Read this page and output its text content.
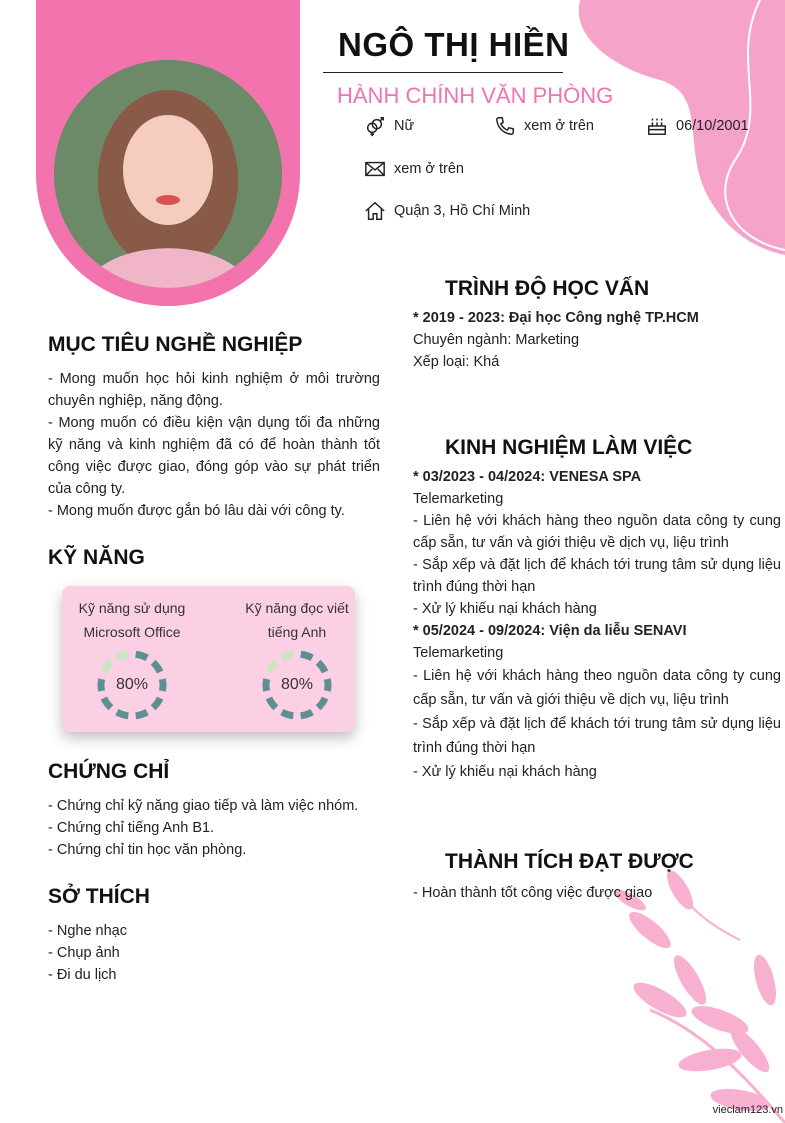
NGÔ THỊ HIỀN
HÀNH CHÍNH VĂN PHÒNG
Nữ	xem ở trên	06/10/2001
xem ở trên
Quận 3, Hồ Chí Minh
MỤC TIÊU NGHỀ NGHIỆP

- Mong muốn học hỏi kinh nghiệm ở môi trường chuyên nghiệp, năng động.

- Mong muốn có điều kiện vận dụng tối đa những kỹ năng và kinh nghiệm đã có để hoàn thành tốt công việc được giao, đóng góp vào sự phát triển của công ty.

- Mong muốn được gắn bó lâu dài với công ty.

KỸ NĂNG
Kỹ năng sử dụng Microsoft Office
Kỹ năng đọc viết tiếng Anh
80%	80%
CHỨNG CHỈ

- Chứng chỉ kỹ năng giao tiếp và làm việc nhóm.

- Chứng chỉ tiếng Anh B1.

- Chứng chỉ tin học văn phòng.

SỞ THÍCH

- Nghe nhạc

- Chụp ảnh

- Đi du lịch

TRÌNH ĐỘ HỌC VẤN

* 2019 - 2023: Đại học Công nghệ TP.HCM

Chuyên ngành: Marketing

Xếp loại: Khá

KINH NGHIỆM LÀM VIỆC

* 03/2023 - 04/2024: VENESA SPA

Telemarketing

- Liên hệ với khách hàng theo nguồn data công ty cung cấp sẵn, tư vấn và giới thiệu về dịch vụ, liệu trình

- Sắp xếp và đặt lịch để khách tới trung tâm sử dụng liệu trình đúng thời hạn

- Xử lý khiếu nại khách hàng

* 05/2024 - 09/2024: Viện da liễu SENAVI

Telemarketing

- Liên hệ với khách hàng theo nguồn data công ty cung cấp sẵn, tư vấn và giới thiệu về dịch vụ, liệu trình

- Sắp xếp và đặt lịch để khách tới trung tâm sử dụng liệu trình đúng thời hạn

- Xử lý khiếu nại khách hàng

THÀNH TÍCH ĐẠT ĐƯỢC
- Hoàn thành tốt công việc được giao
vieclam123.vn
